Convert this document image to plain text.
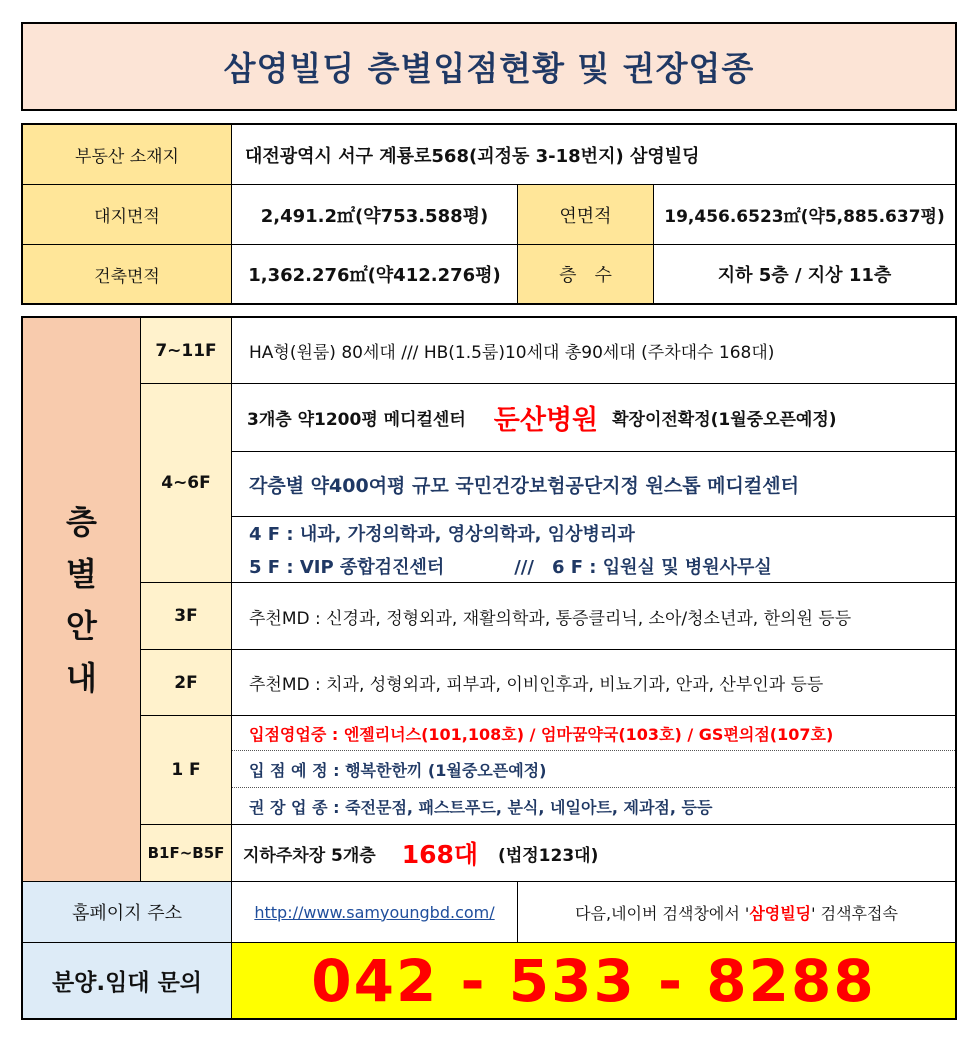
삼영빌딩 층별입점현황 및 권장업종
부동산 소재지	대전광역시 서구 계룡로568(괴정동 3-18번지) 삼영빌딩
대지면적	2,491.2㎡(약753.588평)	연면적	19,456.6523㎡(약5,885.637평)
건축면적	1,362.276㎡(약412.276평)	층　수	지하 5층 / 지상 11층
층
별
안
내
7~11F HA형(원룸) 80세대 /// HB(1.5룸)10세대 총90세대 (주차대수 168대)
4~6F
3개층 약1200평 메디컬센터 둔산병원 확장이전확정(1월중오픈예정)
각층별 약400여평 규모 국민건강보험공단지정 원스톱 메디컬센터
4 F : 내과, 가정의학과, 영상의학과, 임상병리과
5 F : VIP 종합검진센터	///　6 F : 입원실 및 병원사무실
3F	추천MD : 신경과, 정형외과, 재활의학과, 통증클리닉, 소아/청소년과, 한의원 등등
2F	추천MD : 치과, 성형외과, 피부과, 이비인후과, 비뇨기과, 안과, 산부인과 등등
1 F
입점영업중 : 엔젤리너스(101,108호) / 엄마꿈약국(103호) / GS편의점(107호)
입 점 예 정 : 행복한한끼 (1월중오픈예정)
권 장 업 종 : 죽전문점, 패스트푸드, 분식, 네일아트, 제과점, 등등
B1F~B5F 지하주차장 5개층 168대 (법정123대)
홈페이지 주소	http://www.samyoungbd.com/	다음,네이버 검색창에서 ' 삼영빌딩 ' 검색후접속
분양.임대 문의 042 - 533 - 8288
